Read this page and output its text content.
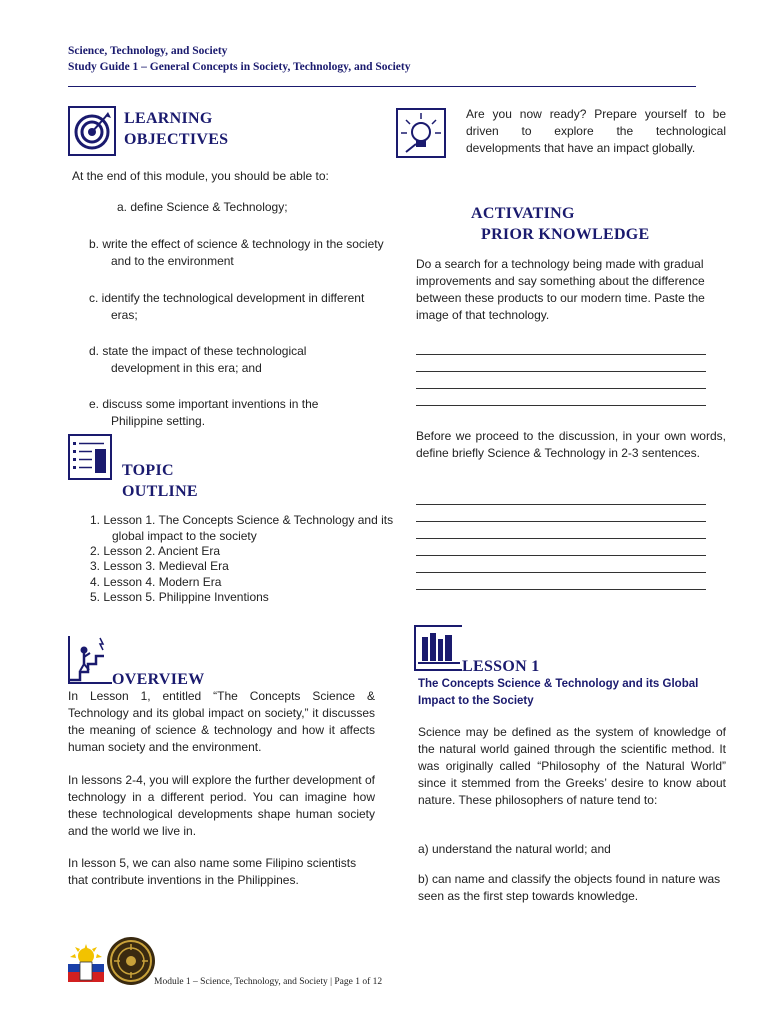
Science, Technology, and Society
Study Guide 1 – General Concepts in Society, Technology, and Society
LEARNING
OBJECTIVES
At the end of this module, you should be able to:
a. define Science & Technology;
b. write the effect of science & technology in the society and to the environment
c. identify the technological development in different eras;
d. state the impact of these technological development in this era; and
e. discuss some important inventions in the Philippine setting.
TOPIC
OUTLINE
1. Lesson 1. The Concepts Science & Technology and its global impact to the society
2. Lesson 2. Ancient Era
3. Lesson 3. Medieval Era
4. Lesson 4. Modern Era
5. Lesson 5. Philippine Inventions
OVERVIEW
In Lesson 1, entitled “The Concepts Science & Technology and its global impact on society,” it discusses the meaning of science & technology and how it affects human society and the environment.
In lessons 2-4, you will explore the further development of technology in a different period. You can imagine how these technological developments shape human society and the world we live in.
In lesson 5, we can also name some Filipino scientists that contribute inventions in the Philippines.
Are you now ready? Prepare yourself to be driven to explore the technological developments that have an impact globally.
ACTIVATING
PRIOR KNOWLEDGE
Do a search for a technology being made with gradual improvements and say something about the difference between these products to our modern time. Paste the image of that technology.
Before we proceed to the discussion, in your own words, define briefly Science & Technology in 2-3 sentences.
LESSON 1
The Concepts Science & Technology and its Global Impact to the Society
Science may be defined as the system of knowledge of the natural world gained through the scientific method. It was originally called “Philosophy of the Natural World” since it stemmed from the Greeks’ desire to know about nature. These philosophers of nature tend to:
a) understand the natural world; and
b) can name and classify the objects found in nature was seen as the first step towards knowledge.
Module 1 – Science, Technology, and Society | Page 1 of 12
